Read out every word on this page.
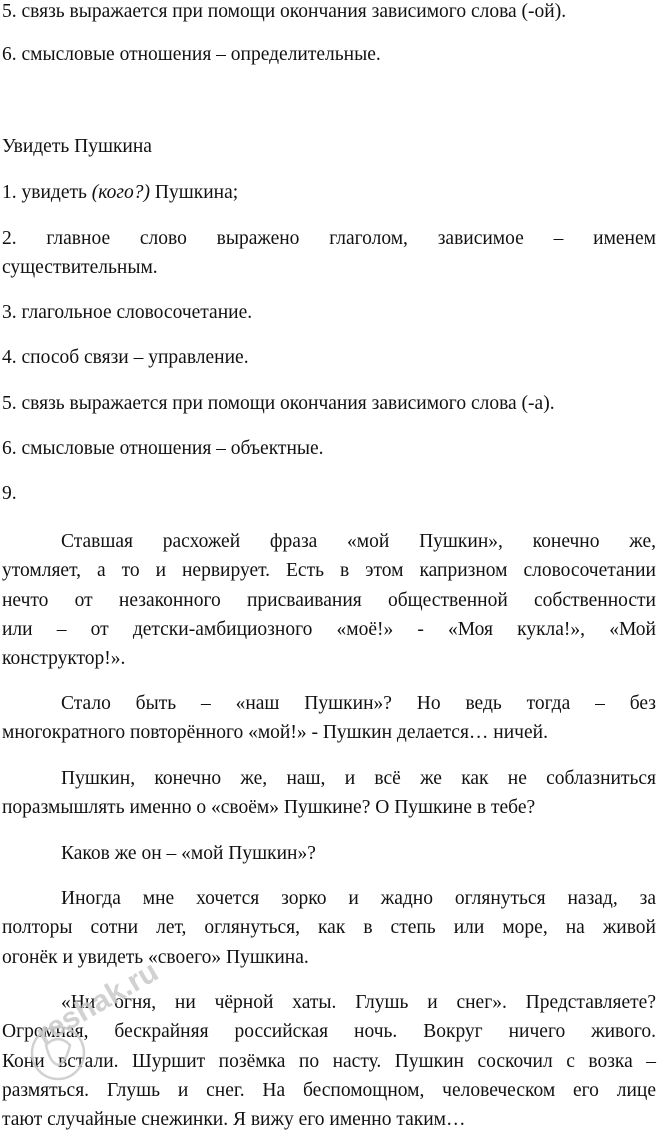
5. связь выражается при помощи окончания зависимого слова (-ой).
6. смысловые отношения – определительные.
Увидеть Пушкина
1. увидеть (кого?) Пушкина;
2. главное слово выражено глаголом, зависимое – именем
существительным.
3. глагольное словосочетание.
4. способ связи – управление.
5. связь выражается при помощи окончания зависимого слова (-а).
6. смысловые отношения – объектные.
9.
Ставшая расхожей фраза «мой Пушкин», конечно же,
утомляет, а то и нервирует. Есть в этом капризном словосочетании
нечто от незаконного присваивания общественной собственности
или – от детски-амбициозного «моё!» - «Моя кукла!», «Мой
конструктор!».
Стало быть – «наш Пушкин»? Но ведь тогда – без
многократного повторённого «мой!» - Пушкин делается… ничей.
Пушкин, конечно же, наш, и всё же как не соблазниться
поразмышлять именно о «своём» Пушкине? О Пушкине в тебе?
Каков же он – «мой Пушкин»?
Иногда мне хочется зорко и жадно оглянуться назад, за
полторы сотни лет, оглянуться, как в степь или море, на живой
огонёк и увидеть «своего» Пушкина.
«Ни огня, ни чёрной хаты. Глушь и снег». Представляете?
Огромная, бескрайняя российская ночь. Вокруг ничего живого.
Кони встали. Шуршит позёмка по насту. Пушкин соскочил с возка –
размяться. Глушь и снег. На беспомощном, человеческом его лице
тают случайные снежинки. Я вижу его именно таким…
reshak.ru
